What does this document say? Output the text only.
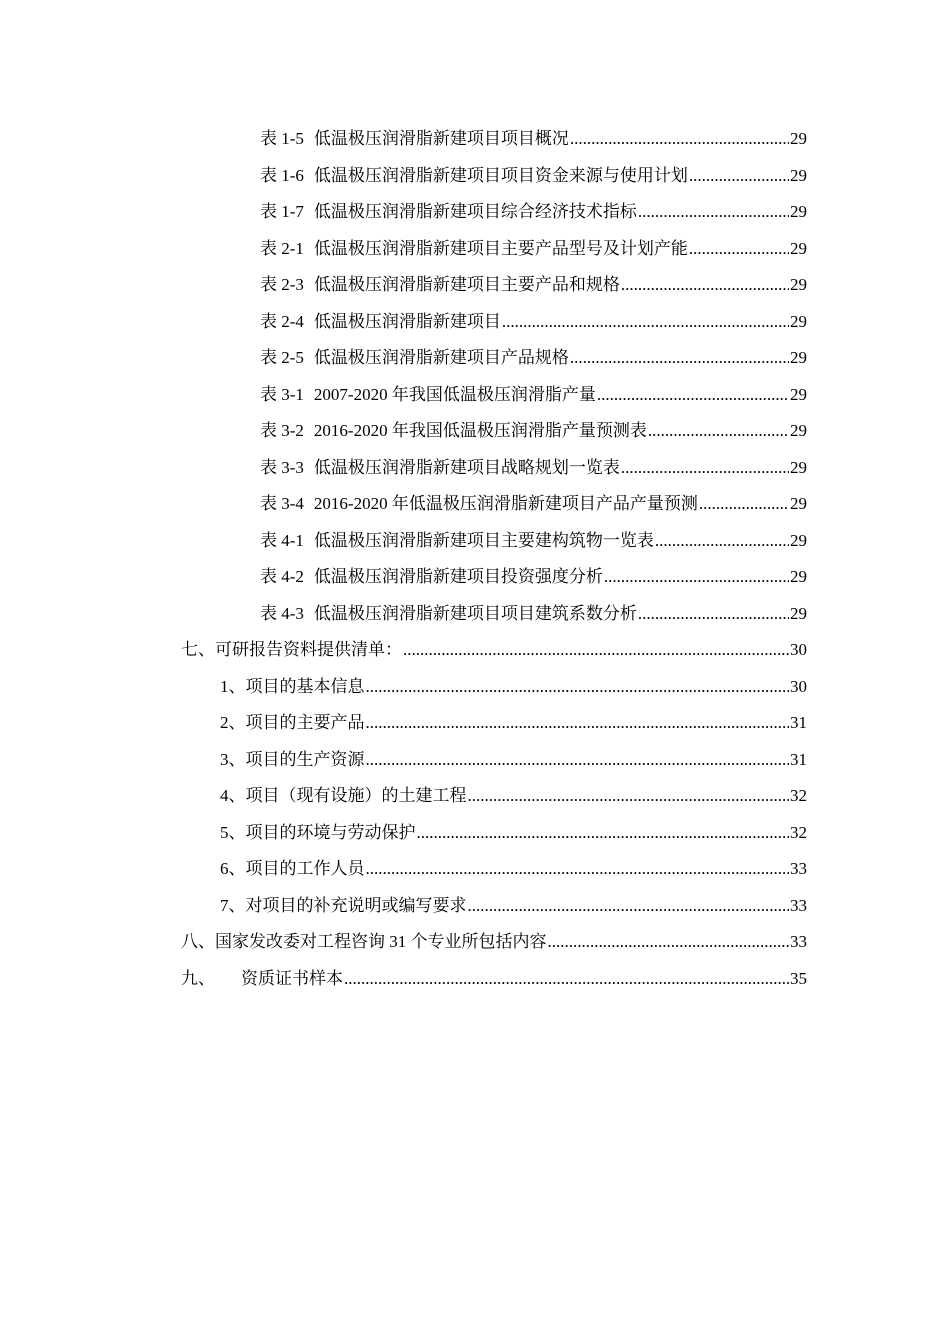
表 1-5 低温极压润滑脂新建项目项目概况 .....	29
表 1-6 低温极压润滑脂新建项目项目资金来源与使用计划 .....	29
表 1-7 低温极压润滑脂新建项目综合经济技术指标 .....	29
表 2-1 低温极压润滑脂新建项目主要产品型号及计划产能 .....	29
表 2-3 低温极压润滑脂新建项目主要产品和规格 .....	29
表 2-4 低温极压润滑脂新建项目 .....	29
表 2-5 低温极压润滑脂新建项目产品规格 .....	29
表 3-1 2007-2020 年我国低温极压润滑脂产量 .....	29
表 3-2 2016-2020 年我国低温极压润滑脂产量预测表 .....	29
表 3-3 低温极压润滑脂新建项目战略规划一览表 .....	29
表 3-4 2016-2020 年低温极压润滑脂新建项目产品产量预测 .....	29
表 4-1 低温极压润滑脂新建项目主要建构筑物一览表 .....	29
表 4-2 低温极压润滑脂新建项目投资强度分析 .....	29
表 4-3 低温极压润滑脂新建项目项目建筑系数分析 .....	29
七、可研报告资料提供清单： .....	30
1、项目的基本信息 .....	30
2、项目的主要产品 .....	31
3、项目的生产资源 .....	31
4、项目（现有设施）的土建工程 .....	32
5、项目的环境与劳动保护 .....	32
6、项目的工作人员 .....	33
7、对项目的补充说明或编写要求 .....	33
八、国家发改委对工程咨询 31 个专业所包括内容 .....	33
九、 资质证书样本 .....	35
